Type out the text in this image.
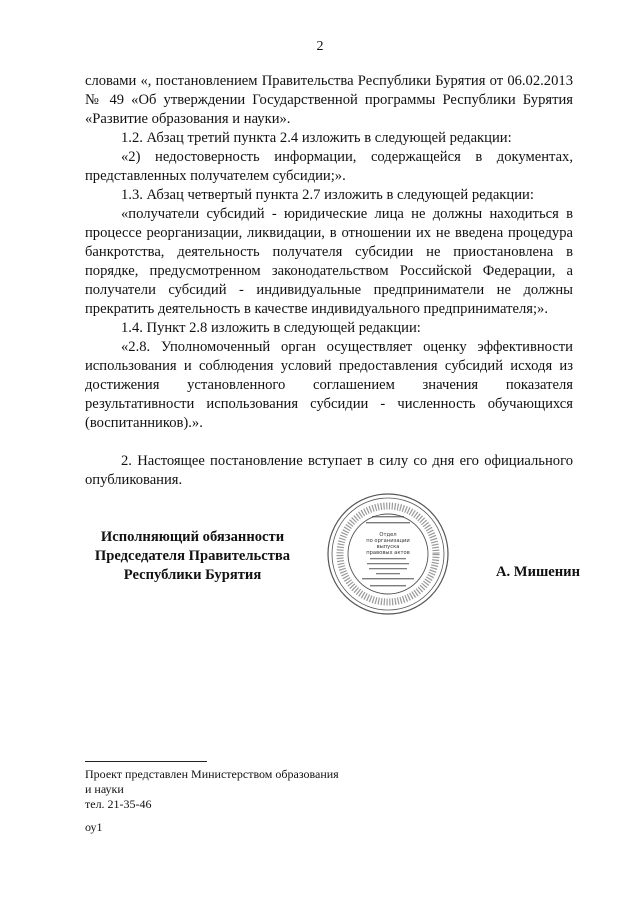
2

словами «, постановлением Правительства Республики Бурятия от 06.02.2013 № 49 «Об утверждении Государственной программы Республики Бурятия «Развитие образования и науки».

1.2. Абзац третий пункта 2.4 изложить в следующей редакции:

«2) недостоверность информации, содержащейся в документах, представленных получателем субсидии;».

1.3. Абзац четвертый пункта 2.7 изложить в следующей редакции:

«получатели субсидий - юридические лица не должны находиться в процессе реорганизации, ликвидации, в отношении их не введена процедура банкротства, деятельность получателя субсидии не приостановлена в порядке, предусмотренном законодательством Российской Федерации, а получатели субсидий - индивидуальные предприниматели не должны прекратить деятельность в качестве индивидуального предпринимателя;».

1.4. Пункт 2.8 изложить в следующей редакции:

«2.8. Уполномоченный орган осуществляет оценку эффективности использования и соблюдения условий предоставления субсидий исходя из достижения установленного соглашением значения показателя результативности использования субсидии - численность обучающихся (воспитанников).».

2. Настоящее постановление вступает в силу со дня его официального опубликования.

Исполняющий обязанности
Председателя Правительства
Республики Бурятия
Отдел
по организации
выпуска
правовых актов
А. Мишенин
Проект представлен Министерством образования
и науки
тел. 21-35-46
оу1
